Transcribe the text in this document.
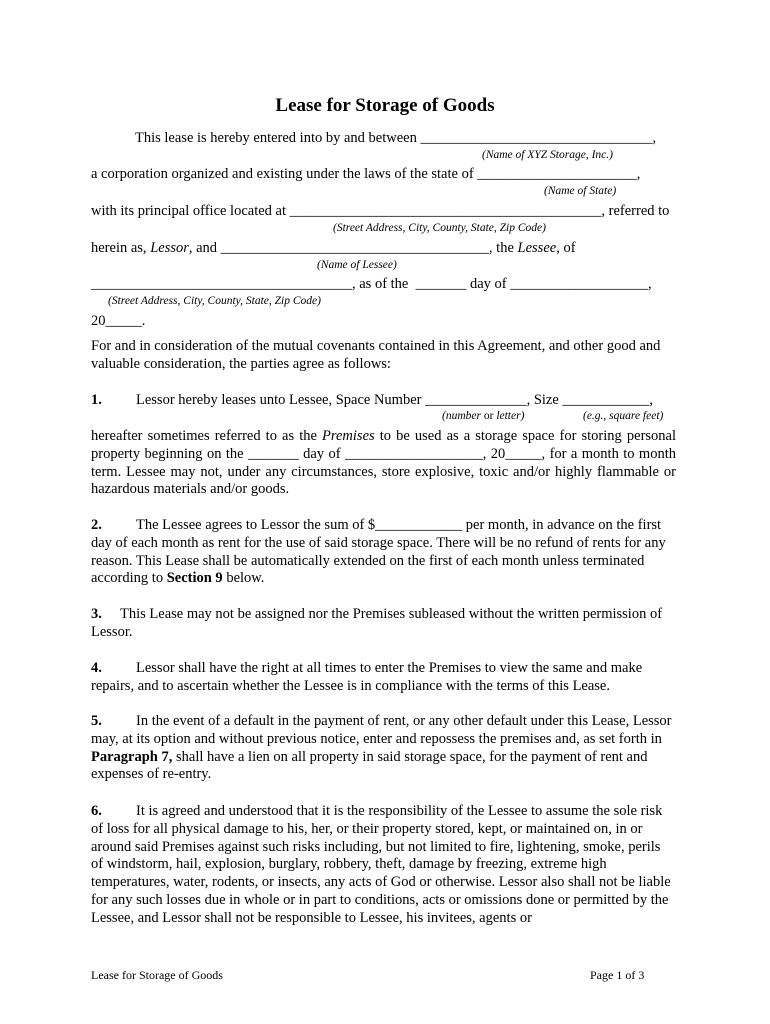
Lease for Storage of Goods
This lease is hereby entered into by and between ________________________________,
(Name of XYZ Storage, Inc.)
a corporation organized and existing under the laws of the state of ______________________,
(Name of State)
with its principal office located at ___________________________________________, referred to
(Street Address, City, County, State, Zip Code)
herein as, Lessor, and _____________________________________, the Lessee, of
(Name of Lessee)
____________________________________, as of the  _______ day of ___________________,
(Street Address, City, County, State, Zip Code)
20_____.
For and in consideration of the mutual covenants contained in this Agreement, and other good and valuable consideration, the parties agree as follows:
1. Lessor hereby leases unto Lessee, Space Number ______________, Size ____________,
(number or letter)	(e.g., square feet)
hereafter sometimes referred to as the Premises to be used as a storage space for storing personal property beginning on the _______ day of ___________________, 20_____, for a month to month term. Lessee may not, under any circumstances, store explosive, toxic and/or highly flammable or hazardous materials and/or goods.
2. The Lessee agrees to Lessor the sum of $____________ per month, in advance on the first day of each month as rent for the use of said storage space. There will be no refund of rents for any reason. This Lease shall be automatically extended on the first of each month unless terminated according to Section 9 below.
3. This Lease may not be assigned nor the Premises subleased without the written permission of Lessor.
4. Lessor shall have the right at all times to enter the Premises to view the same and make repairs, and to ascertain whether the Lessee is in compliance with the terms of this Lease.
5. In the event of a default in the payment of rent, or any other default under this Lease, Lessor may, at its option and without previous notice, enter and repossess the premises and, as set forth in Paragraph 7, shall have a lien on all property in said storage space, for the payment of rent and expenses of re-entry.
6. It is agreed and understood that it is the responsibility of the Lessee to assume the sole risk of loss for all physical damage to his, her, or their property stored, kept, or maintained on, in or around said Premises against such risks including, but not limited to fire, lightening, smoke, perils of windstorm, hail, explosion, burglary, robbery, theft, damage by freezing, extreme high temperatures, water, rodents, or insects, any acts of God or otherwise. Lessor also shall not be liable for any such losses due in whole or in part to conditions, acts or omissions done or permitted by the Lessee, and Lessor shall not be responsible to Lessee, his invitees, agents or
Lease for Storage of Goods	Page 1 of 3
